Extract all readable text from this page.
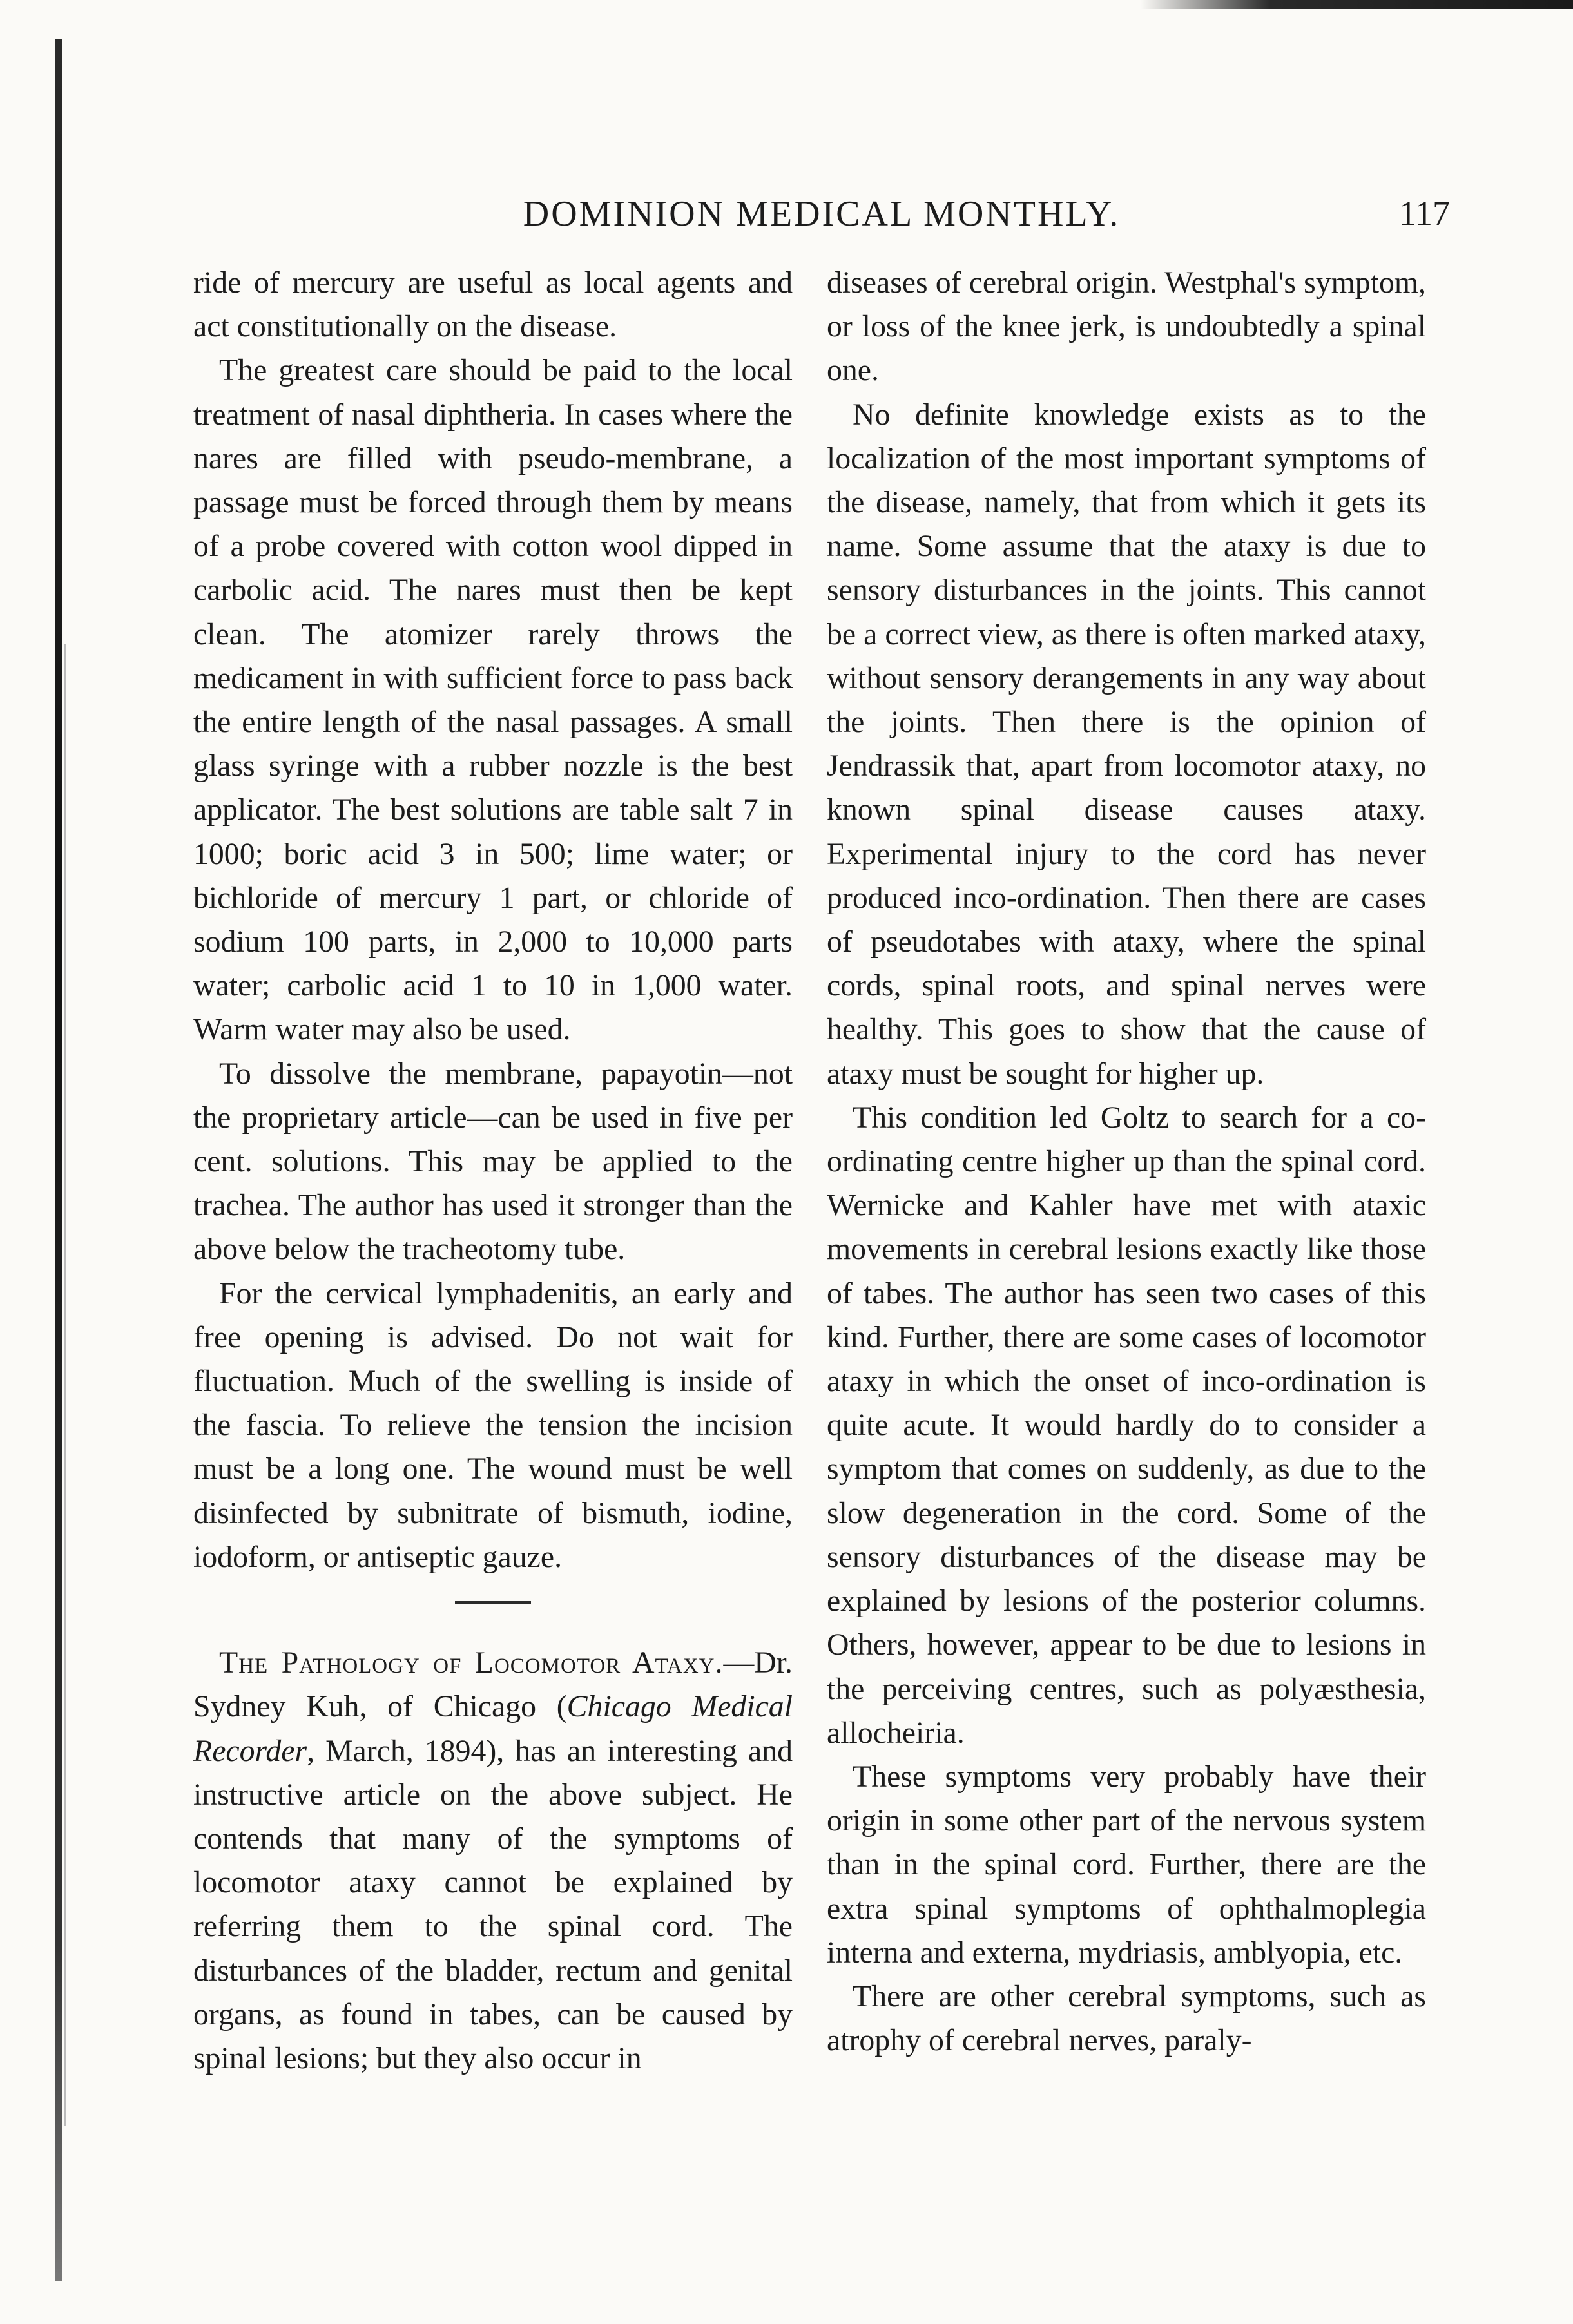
DOMINION MEDICAL MONTHLY.	117

ride of mercury are useful as local agents and act constitutionally on the disease.

The greatest care should be paid to the local treatment of nasal diphtheria. In cases where the nares are filled with pseudo-membrane, a passage must be forced through them by means of a probe covered with cotton wool dipped in carbolic acid. The nares must then be kept clean. The atomizer rarely throws the medicament in with sufficient force to pass back the entire length of the nasal passages. A small glass syringe with a rubber nozzle is the best applicator. The best solutions are table salt 7 in 1000; boric acid 3 in 500; lime water; or bichloride of mercury 1 part, or chloride of sodium 100 parts, in 2,000 to 10,000 parts water; carbolic acid 1 to 10 in 1,000 water. Warm water may also be used.

To dissolve the membrane, papayotin—not the proprietary article—can be used in five per cent. solutions. This may be applied to the trachea. The author has used it stronger than the above below the tracheotomy tube.

For the cervical lymphadenitis, an early and free opening is advised. Do not wait for fluctuation. Much of the swelling is inside of the fascia. To relieve the tension the incision must be a long one. The wound must be well disinfected by subnitrate of bismuth, iodine, iodoform, or antiseptic gauze.

The Pathology of Locomotor Ataxy.—Dr. Sydney Kuh, of Chicago (Chicago Medical Recorder, March, 1894), has an interesting and instructive article on the above subject. He contends that many of the symptoms of locomotor ataxy cannot be explained by referring them to the spinal cord. The disturbances of the bladder, rectum and genital organs, as found in tabes, can be caused by spinal lesions; but they also occur in

diseases of cerebral origin. Westphal's symptom, or loss of the knee jerk, is undoubtedly a spinal one.

No definite knowledge exists as to the localization of the most important symptoms of the disease, namely, that from which it gets its name. Some assume that the ataxy is due to sensory disturbances in the joints. This cannot be a correct view, as there is often marked ataxy, without sensory derangements in any way about the joints. Then there is the opinion of Jendrassik that, apart from locomotor ataxy, no known spinal disease causes ataxy. Experimental injury to the cord has never produced inco-ordination. Then there are cases of pseudotabes with ataxy, where the spinal cords, spinal roots, and spinal nerves were healthy. This goes to show that the cause of ataxy must be sought for higher up.

This condition led Goltz to search for a co-ordinating centre higher up than the spinal cord. Wernicke and Kahler have met with ataxic movements in cerebral lesions exactly like those of tabes. The author has seen two cases of this kind. Further, there are some cases of locomotor ataxy in which the onset of inco-ordination is quite acute. It would hardly do to consider a symptom that comes on suddenly, as due to the slow degeneration in the cord. Some of the sensory disturbances of the disease may be explained by lesions of the posterior columns. Others, however, appear to be due to lesions in the perceiving centres, such as polyæsthesia, allocheiria.

These symptoms very probably have their origin in some other part of the nervous system than in the spinal cord. Further, there are the extra spinal symptoms of ophthalmoplegia interna and externa, mydriasis, amblyopia, etc.

There are other cerebral symptoms, such as atrophy of cerebral nerves, paraly-
